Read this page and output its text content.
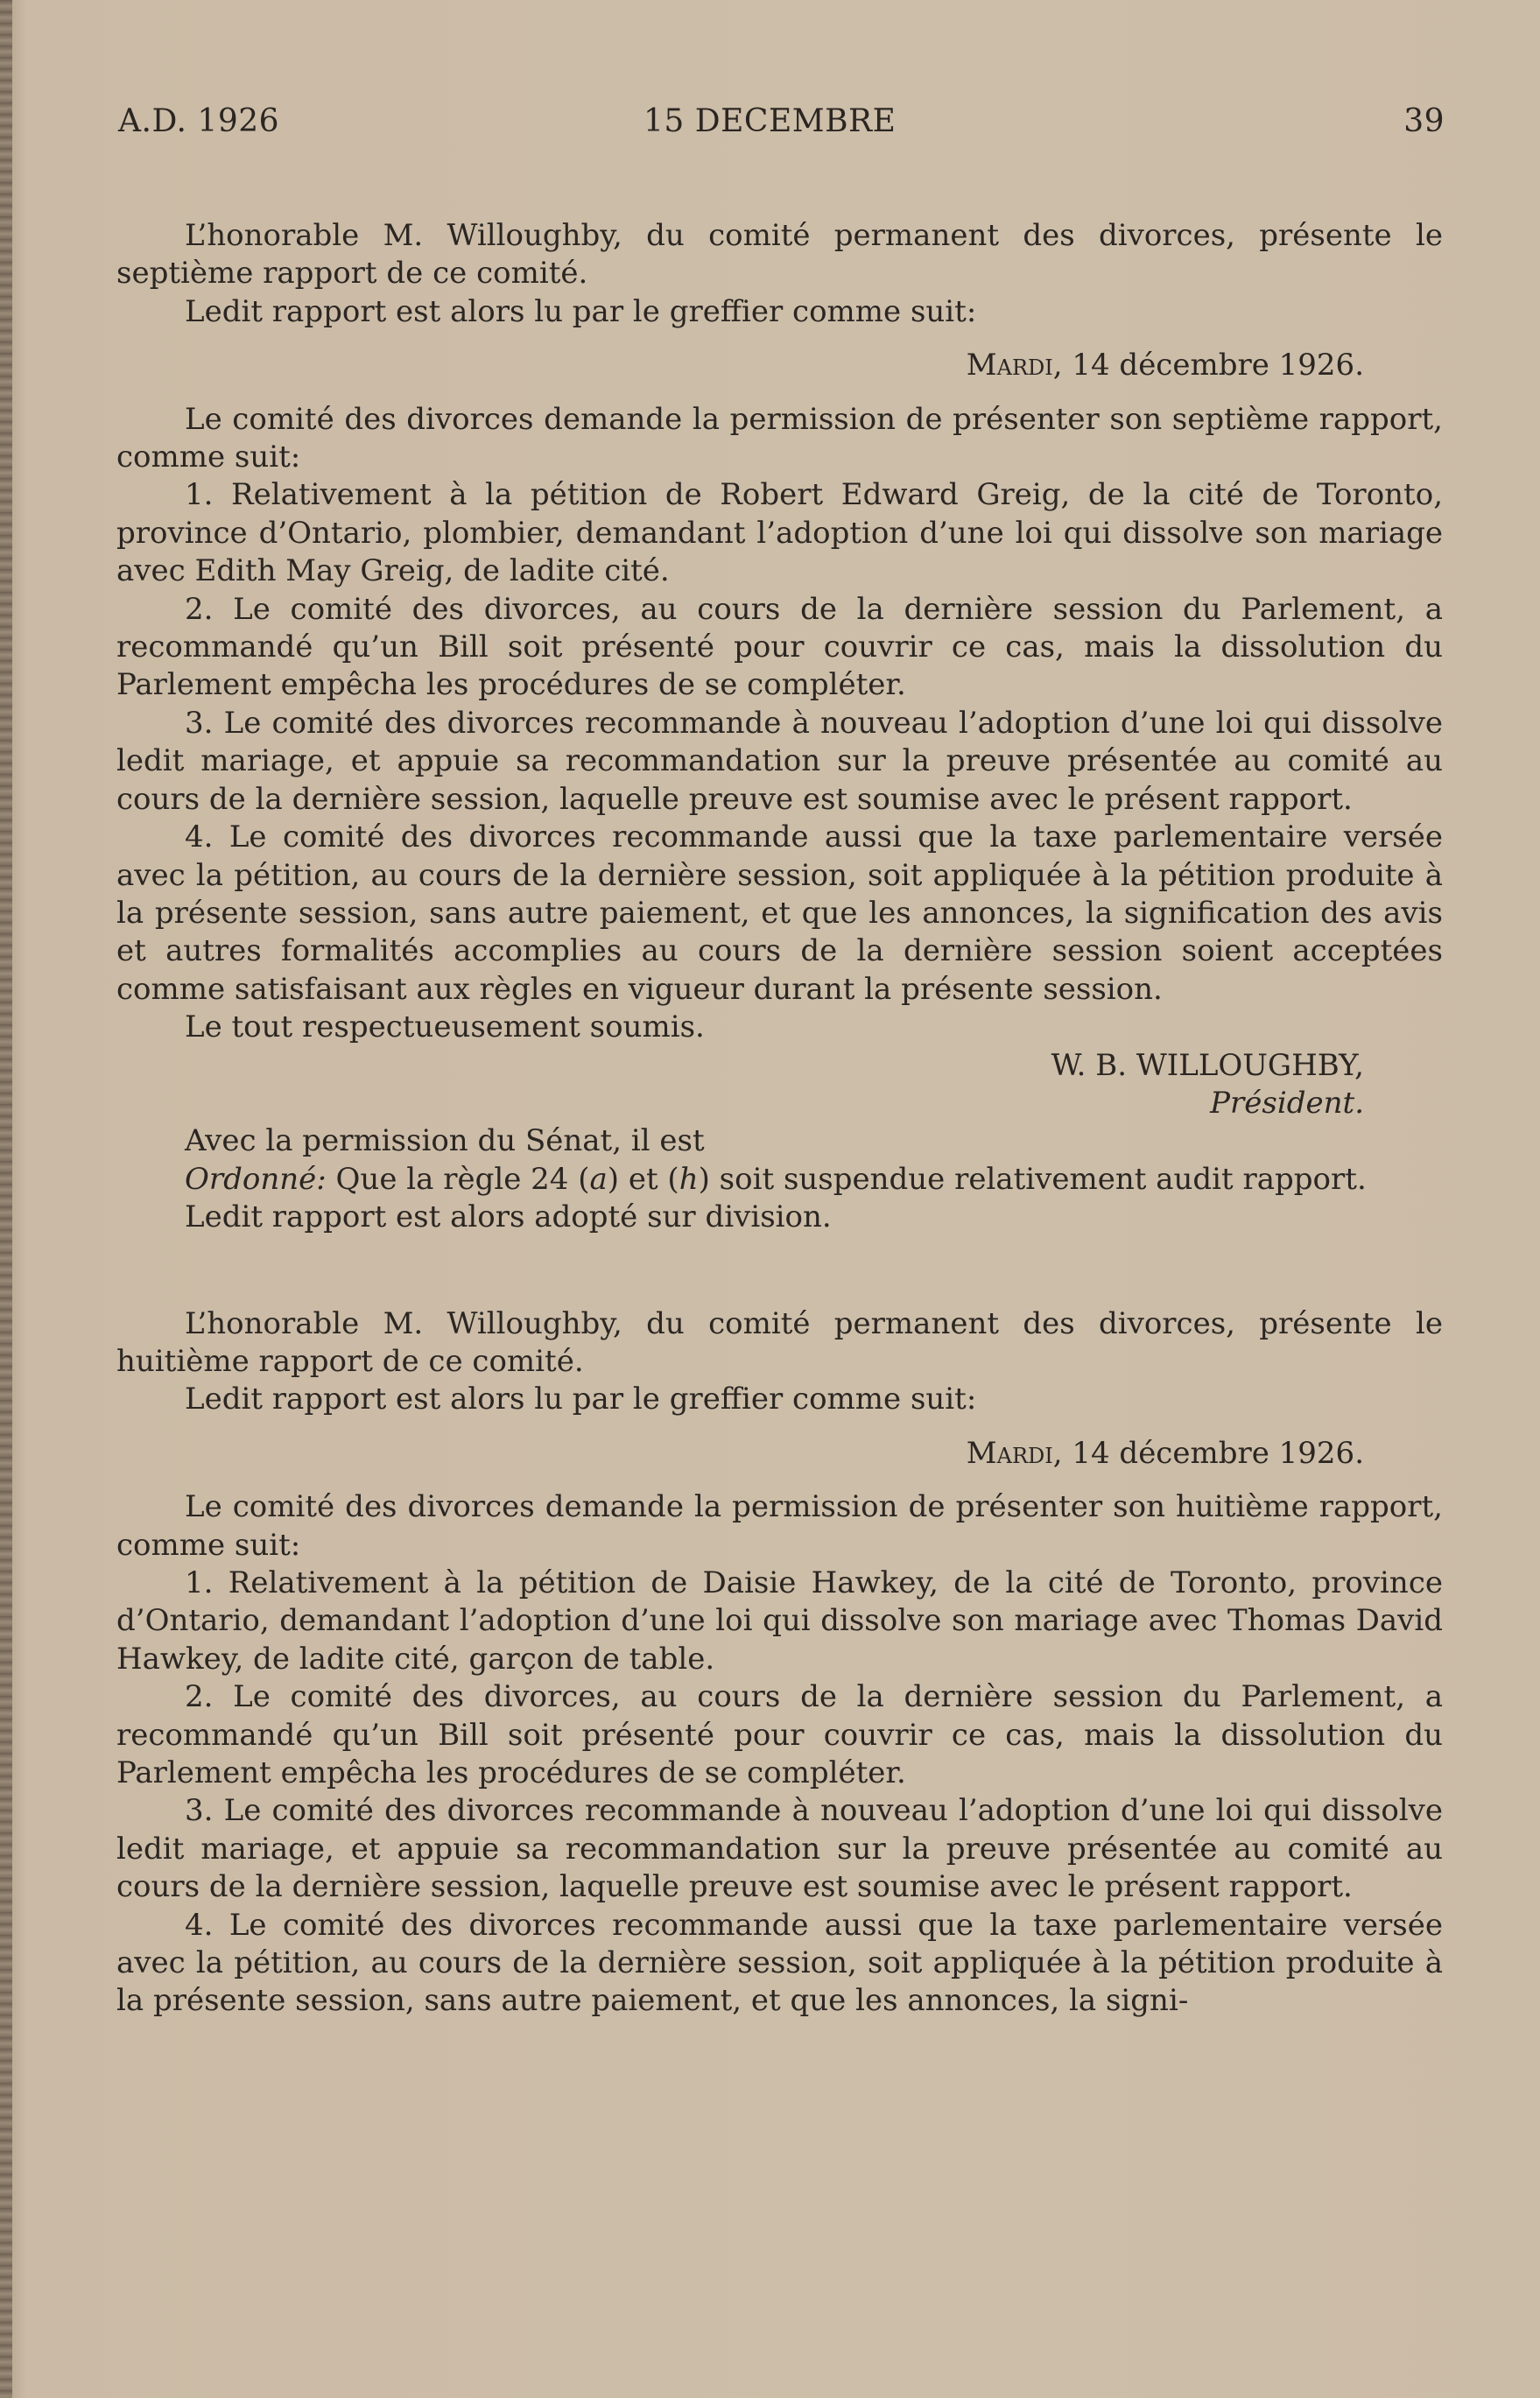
A.D. 1926	15 DECEMBRE	39

L’honorable M. Willoughby, du comité permanent des divorces, présente le septième rapport de ce comité.

Ledit rapport est alors lu par le greffier comme suit:

Mardi, 14 décembre 1926.

Le comité des divorces demande la permission de présenter son septième rapport, comme suit:

1. Relativement à la pétition de Robert Edward Greig, de la cité de Toronto, province d’Ontario, plombier, demandant l’adoption d’une loi qui dissolve son mariage avec Edith May Greig, de ladite cité.

2. Le comité des divorces, au cours de la dernière session du Parlement, a recommandé qu’un Bill soit présenté pour couvrir ce cas, mais la dissolution du Parlement empêcha les procédures de se compléter.

3. Le comité des divorces recommande à nouveau l’adoption d’une loi qui dissolve ledit mariage, et appuie sa recommandation sur la preuve présentée au comité au cours de la dernière session, laquelle preuve est soumise avec le présent rapport.

4. Le comité des divorces recommande aussi que la taxe parlementaire versée avec la pétition, au cours de la dernière session, soit appliquée à la pétition produite à la présente session, sans autre paiement, et que les annonces, la signification des avis et autres formalités accomplies au cours de la dernière session soient acceptées comme satisfaisant aux règles en vigueur durant la présente session.

Le tout respectueusement soumis.

W. B. WILLOUGHBY,

Président.

Avec la permission du Sénat, il est

Ordonné: Que la règle 24 (a) et (h) soit suspendue relativement audit rapport.

Ledit rapport est alors adopté sur division.

L’honorable M. Willoughby, du comité permanent des divorces, présente le huitième rapport de ce comité.

Ledit rapport est alors lu par le greffier comme suit:

Mardi, 14 décembre 1926.

Le comité des divorces demande la permission de présenter son huitième rapport, comme suit:

1. Relativement à la pétition de Daisie Hawkey, de la cité de Toronto, province d’Ontario, demandant l’adoption d’une loi qui dissolve son mariage avec Thomas David Hawkey, de ladite cité, garçon de table.

2. Le comité des divorces, au cours de la dernière session du Parlement, a recommandé qu’un Bill soit présenté pour couvrir ce cas, mais la dissolution du Parlement empêcha les procédures de se compléter.

3. Le comité des divorces recommande à nouveau l’adoption d’une loi qui dissolve ledit mariage, et appuie sa recommandation sur la preuve présentée au comité au cours de la dernière session, laquelle preuve est soumise avec le présent rapport.

4. Le comité des divorces recommande aussi que la taxe parlementaire versée avec la pétition, au cours de la dernière session, soit appliquée à la pétition produite à la présente session, sans autre paiement, et que les annonces, la signi-
